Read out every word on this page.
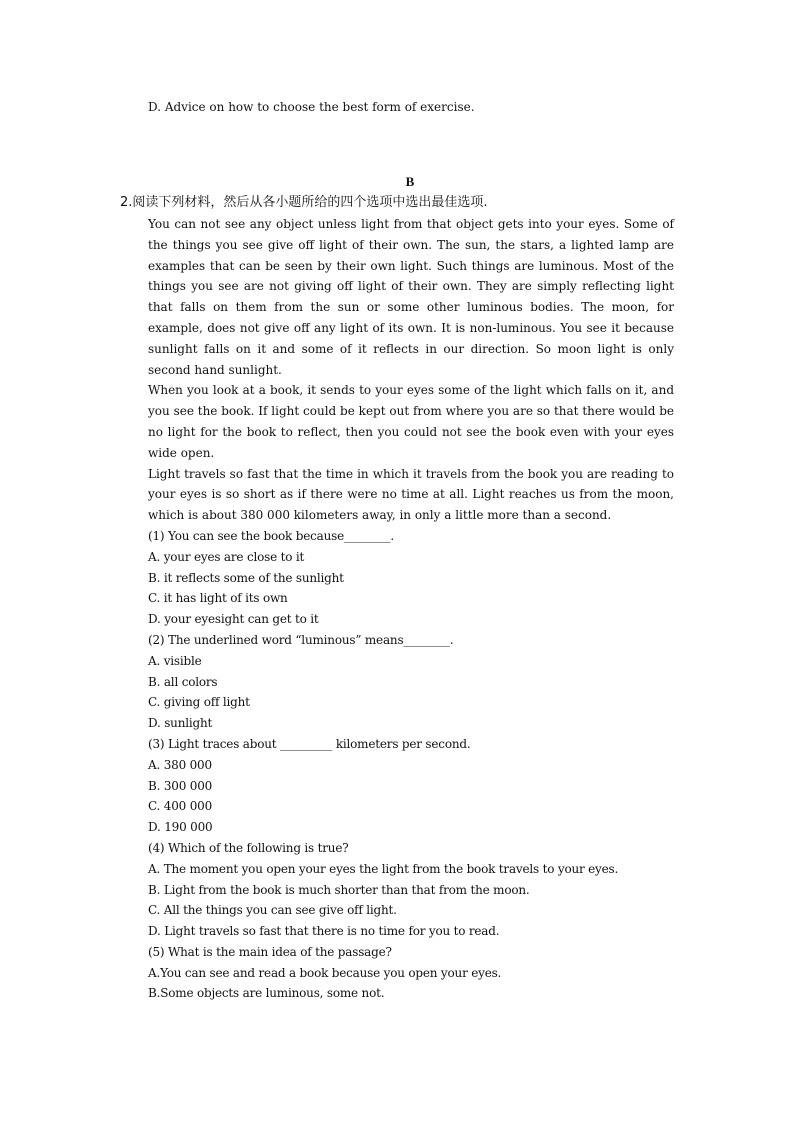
D. Advice on how to choose the best form of exercise.
B
2.阅读下列材料，然后从各小题所给的四个选项中选出最佳选项.

You can not see any object unless light from that object gets into your eyes. Some of the things you see give off light of their own. The sun, the stars, a lighted lamp are examples that can be seen by their own light. Such things are luminous. Most of the things you see are not giving off light of their own. They are simply reflecting light that falls on them from the sun or some other luminous bodies. The moon, for example, does not give off any light of its own. It is non-luminous. You see it because sunlight falls on it and some of it reflects in our direction. So moon light is only second hand sunlight.

When you look at a book, it sends to your eyes some of the light which falls on it, and you see the book. If light could be kept out from where you are so that there would be no light for the book to reflect, then you could not see the book even with your eyes wide open.

Light travels so fast that the time in which it travels from the book you are reading to your eyes is so short as if there were no time at all. Light reaches us from the moon, which is about 380 000 kilometers away, in only a little more than a second.

(1) You can see the book because________.

A. your eyes are close to it

B. it reflects some of the sunlight

C. it has light of its own

D. your eyesight can get to it

(2) The underlined word “luminous” means________.

A. visible

B. all colors

C. giving off light

D. sunlight

(3) Light traces about _________ kilometers per second.

A. 380 000

B. 300 000

C. 400 000

D. 190 000

(4) Which of the following is true?

A. The moment you open your eyes the light from the book travels to your eyes.

B. Light from the book is much shorter than that from the moon.

C. All the things you can see give off light.

D. Light travels so fast that there is no time for you to read.

(5) What is the main idea of the passage?

A.You can see and read a book because you open your eyes.

B.Some objects are luminous, some not.
